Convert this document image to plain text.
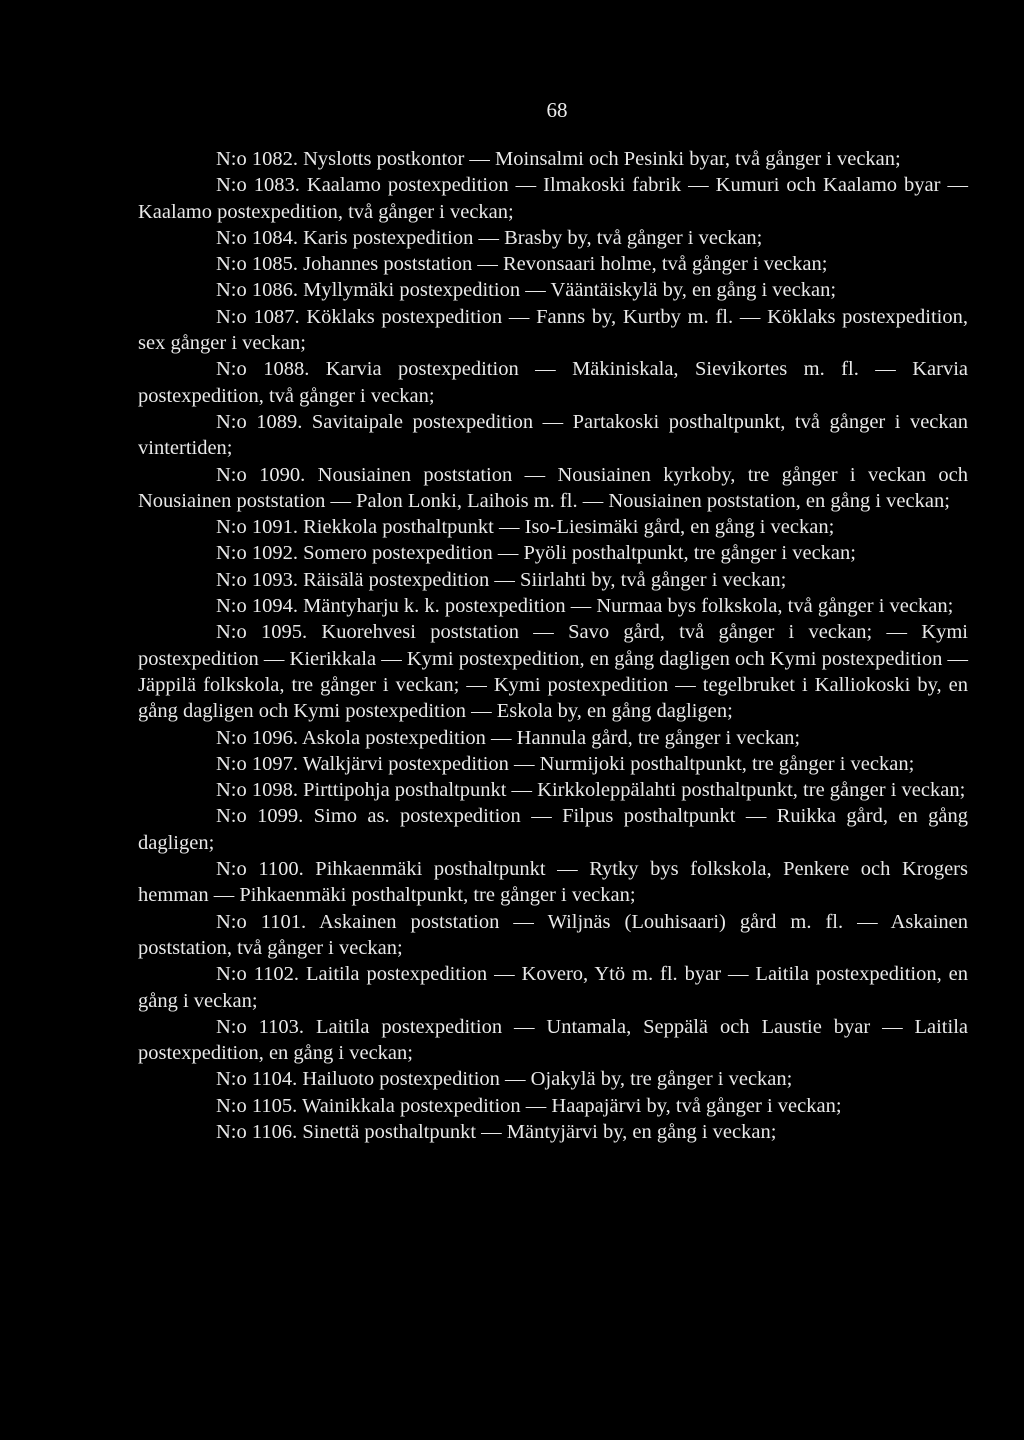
68

N:o 1082. Nyslotts postkontor — Moinsalmi och Pesinki byar, två gånger i veckan;

N:o 1083. Kaalamo postexpedition — Ilmakoski fabrik — Kumuri och Kaalamo byar — Kaalamo postexpedition, två gånger i veckan;

N:o 1084. Karis postexpedition — Brasby by, två gånger i veckan;

N:o 1085. Johannes poststation — Revonsaari holme, två gånger i veckan;

N:o 1086. Myllymäki postexpedition — Vääntäiskylä by, en gång i veckan;

N:o 1087. Köklaks postexpedition — Fanns by, Kurtby m. fl. — Köklaks postexpedition, sex gånger i veckan;

N:o 1088. Karvia postexpedition — Mäkiniskala, Sievikortes m. fl. — Karvia postexpedition, två gånger i veckan;

N:o 1089. Savitaipale postexpedition — Partakoski posthaltpunkt, två gånger i veckan vintertiden;

N:o 1090. Nousiainen poststation — Nousiainen kyrkoby, tre gånger i veckan och Nousiainen poststation — Palon Lonki, Laihois m. fl. — Nousiainen poststation, en gång i veckan;

N:o 1091. Riekkola posthaltpunkt — Iso-Liesimäki gård, en gång i veckan;

N:o 1092. Somero postexpedition — Pyöli posthaltpunkt, tre gånger i veckan;

N:o 1093. Räisälä postexpedition — Siirlahti by, två gånger i veckan;

N:o 1094. Mäntyharju k. k. postexpedition — Nurmaa bys folkskola, två gånger i veckan;

N:o 1095. Kuorehvesi poststation — Savo gård, två gånger i veckan; — Kymi postexpedition — Kierikkala — Kymi postexpedition, en gång dagligen och Kymi postexpedition — Jäppilä folkskola, tre gånger i veckan; — Kymi postexpedition — tegelbruket i Kalliokoski by, en gång dagligen och Kymi postexpedition — Eskola by, en gång dagligen;

N:o 1096. Askola postexpedition — Hannula gård, tre gånger i veckan;

N:o 1097. Walkjärvi postexpedition — Nurmijoki posthaltpunkt, tre gånger i veckan;

N:o 1098. Pirttipohja posthaltpunkt — Kirkkoleppälahti posthaltpunkt, tre gånger i veckan;

N:o 1099. Simo as. postexpedition — Filpus posthaltpunkt — Ruikka gård, en gång dagligen;

N:o 1100. Pihkaenmäki posthaltpunkt — Rytky bys folkskola, Penkere och Krogers hemman — Pihkaenmäki posthaltpunkt, tre gånger i veckan;

N:o 1101. Askainen poststation — Wiljnäs (Louhisaari) gård m. fl. — Askainen poststation, två gånger i veckan;

N:o 1102. Laitila postexpedition — Kovero, Ytö m. fl. byar — Laitila postexpedition, en gång i veckan;

N:o 1103. Laitila postexpedition — Untamala, Seppälä och Laustie byar — Laitila postexpedition, en gång i veckan;

N:o 1104. Hailuoto postexpedition — Ojakylä by, tre gånger i veckan;

N:o 1105. Wainikkala postexpedition — Haapajärvi by, två gånger i veckan;

N:o 1106. Sinettä posthaltpunkt — Mäntyjärvi by, en gång i veckan;
